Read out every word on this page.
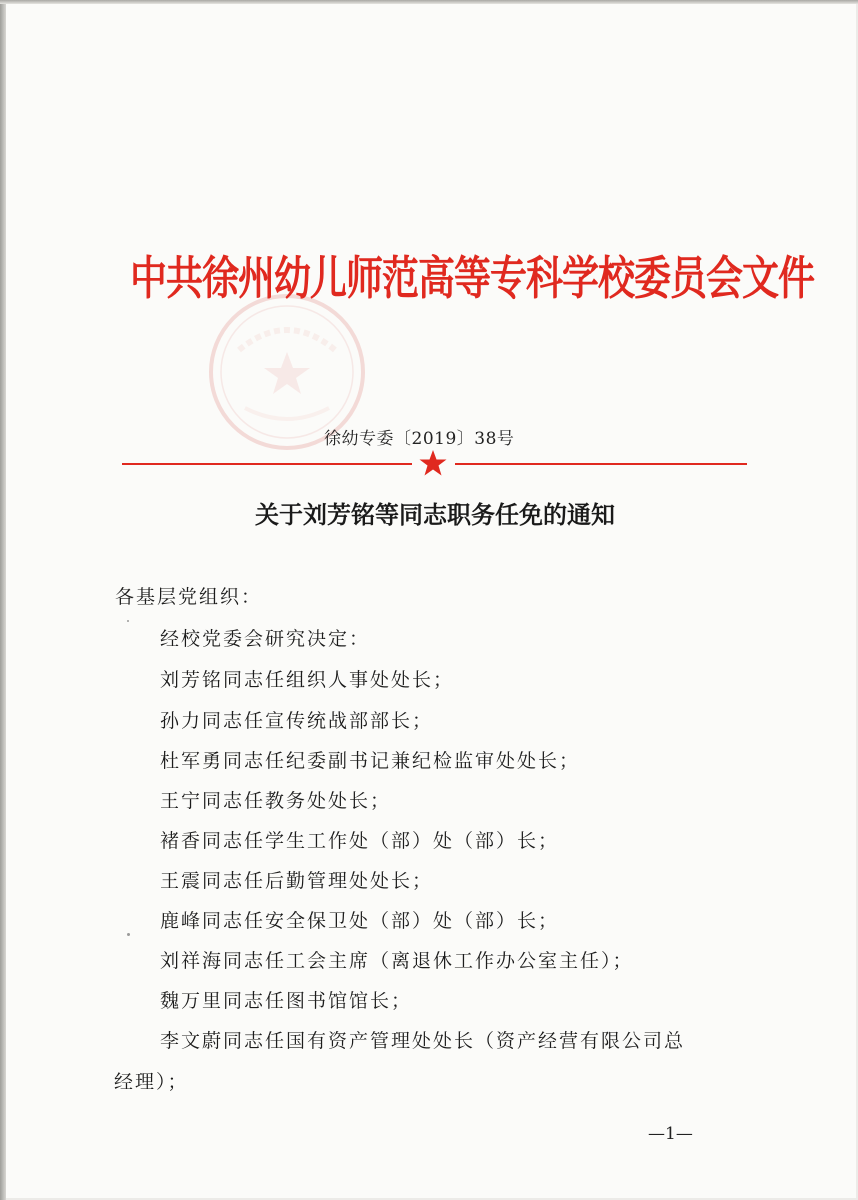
中共徐州幼儿师范高等专科学校委员会文件
徐幼专委〔2019〕38号
关于刘芳铭等同志职务任免的通知
各基层党组织：
经校党委会研究决定：
刘芳铭同志任组织人事处处长；
孙力同志任宣传统战部部长；
杜军勇同志任纪委副书记兼纪检监审处处长；
王宁同志任教务处处长；
褚香同志任学生工作处（部）处（部）长；
王震同志任后勤管理处处长；
鹿峰同志任安全保卫处（部）处（部）长；
刘祥海同志任工会主席（离退休工作办公室主任）；
魏万里同志任图书馆馆长；
李文蔚同志任国有资产管理处处长（资产经营有限公司总
经理）；
—1—
